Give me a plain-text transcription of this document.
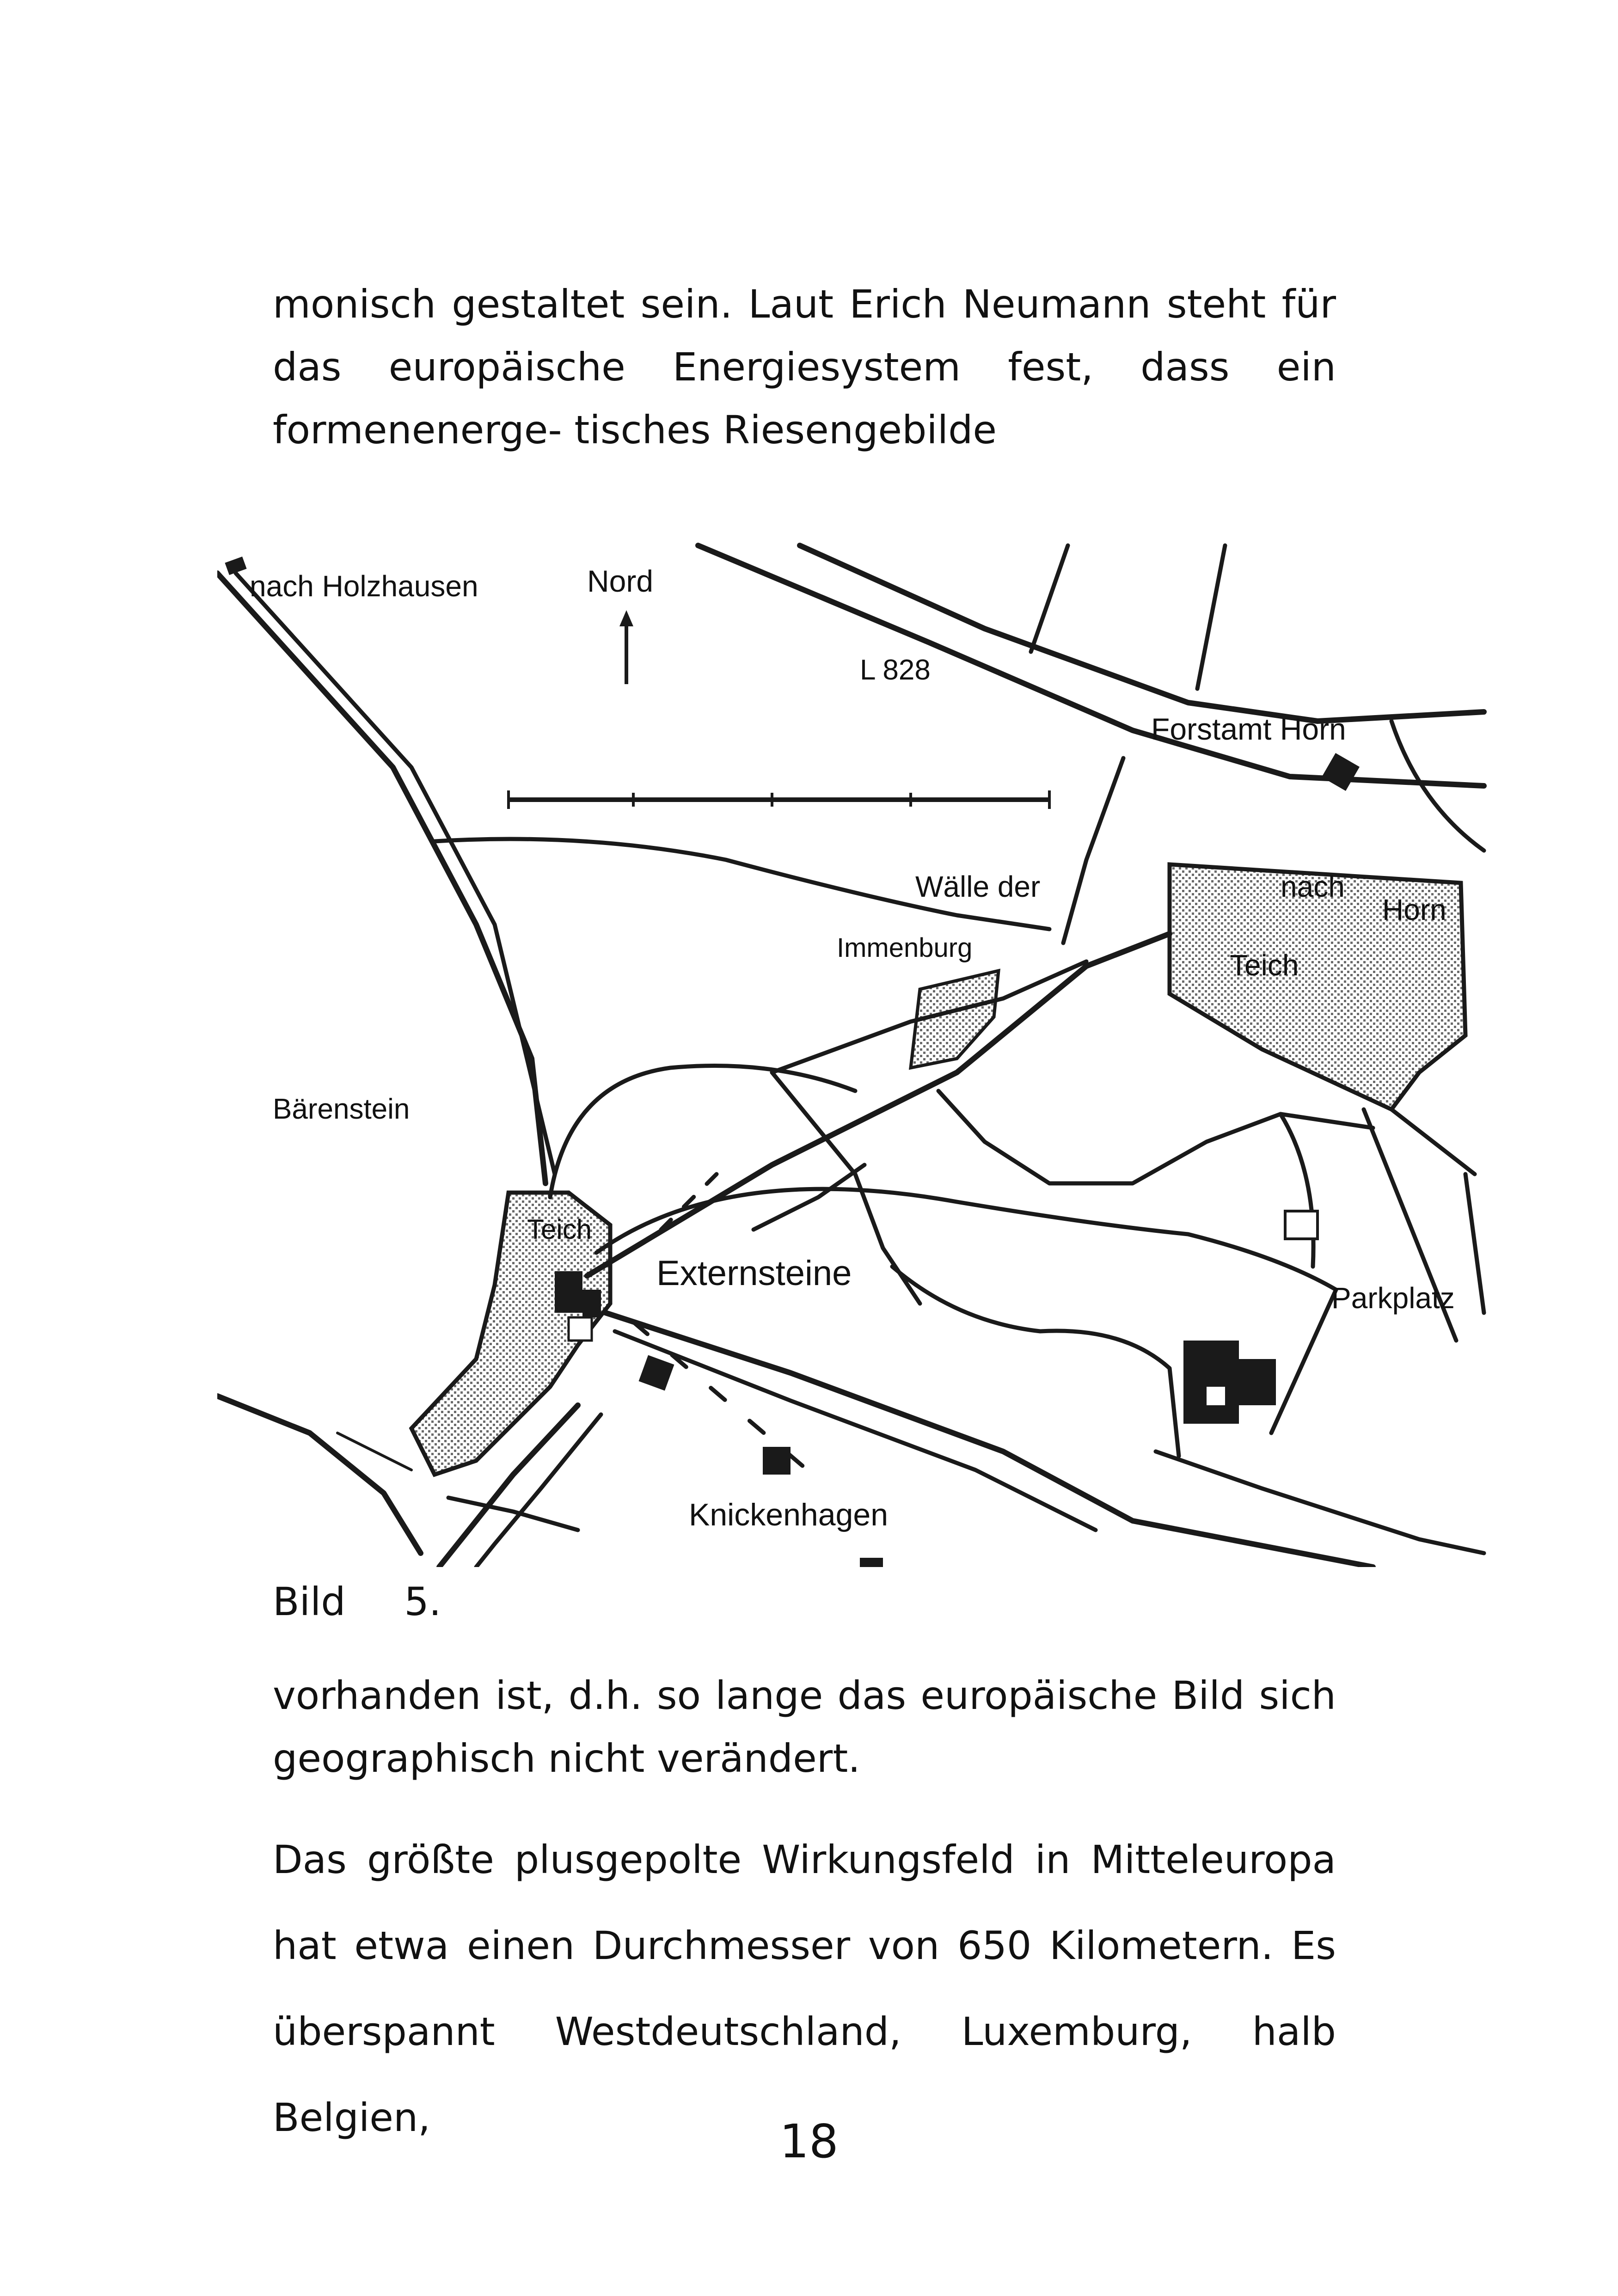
monisch gestaltet sein. Laut Erich Neumann steht für das europäische Energiesystem fest, dass ein formenenerge- tisches Riesengebilde

nach Holzhausen	Nord
L 828
Forstamt Horn
Wälle der
Immenburg
nach
Horn
Teich
Bärenstein
Teich
Externsteine
Parkplatz
Knickenhagen
Bild 5.

vorhanden ist, d.h. so lange das europäische Bild sich geographisch nicht verändert.

Das größte plusgepolte Wirkungsfeld in Mitteleuropa hat etwa einen Durchmesser von 650 Kilometern. Es überspannt Westdeutschland, Luxemburg, halb Belgien,	18
